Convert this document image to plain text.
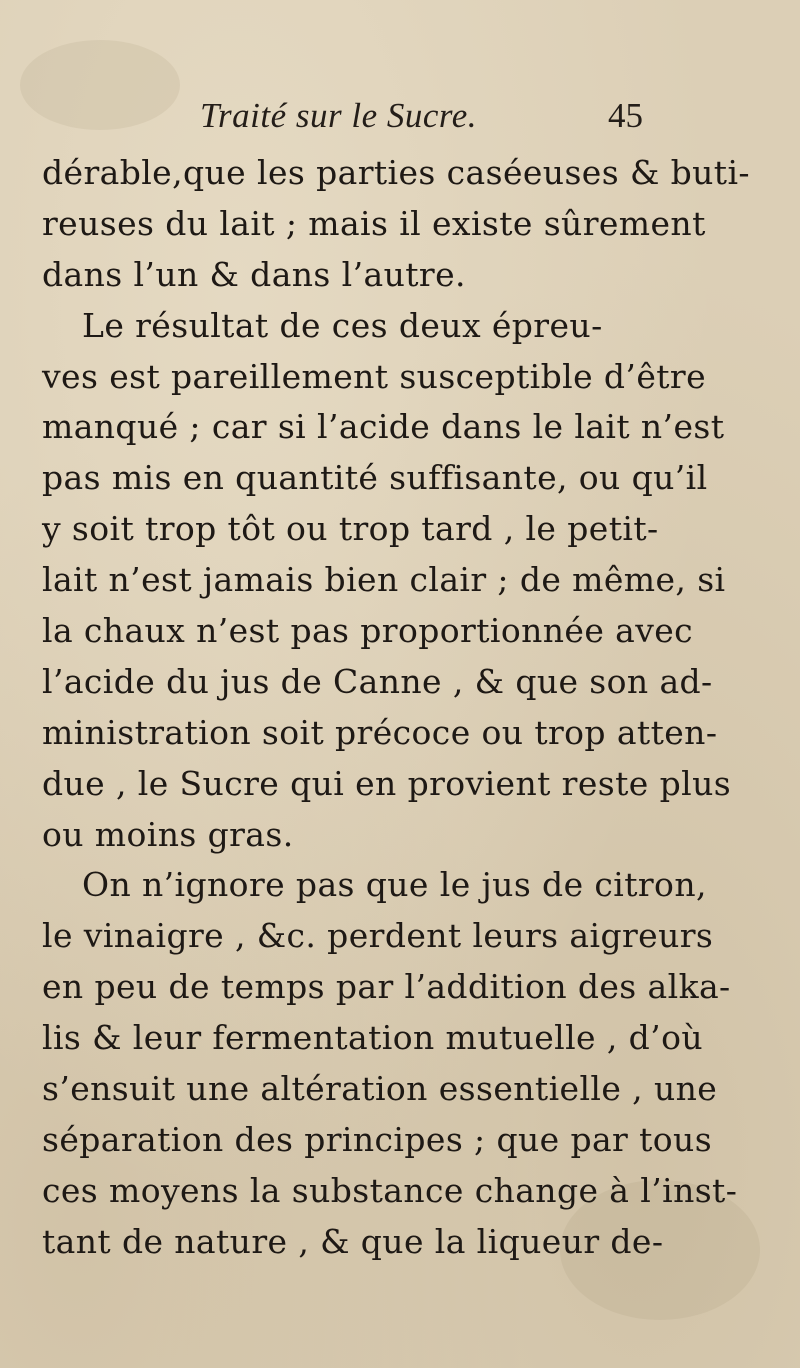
Traité sur le Sucre.	45
dérable,que les parties caséeuses & buti-
reuses du lait ; mais il existe sûrement
dans l’un & dans l’autre.
Le résultat de ces deux épreu-
ves est pareillement susceptible d’être
manqué ; car si l’acide dans le lait n’est
pas mis en quantité suffisante, ou qu’il
y soit trop tôt ou trop tard , le petit-
lait n’est jamais bien clair ; de même, si
la chaux n’est pas proportionnée avec
l’acide du jus de Canne , & que son ad-
ministration soit précoce ou trop atten-
due , le Sucre qui en provient reste plus
ou moins gras.
On n’ignore pas que le jus de citron,
le vinaigre , &c. perdent leurs aigreurs
en peu de temps par l’addition des alka-
lis & leur fermentation mutuelle , d’où
s’ensuit une altération essentielle , une
séparation des principes ; que par tous
ces moyens la substance change à l’inst-
tant de nature , & que la liqueur de-
